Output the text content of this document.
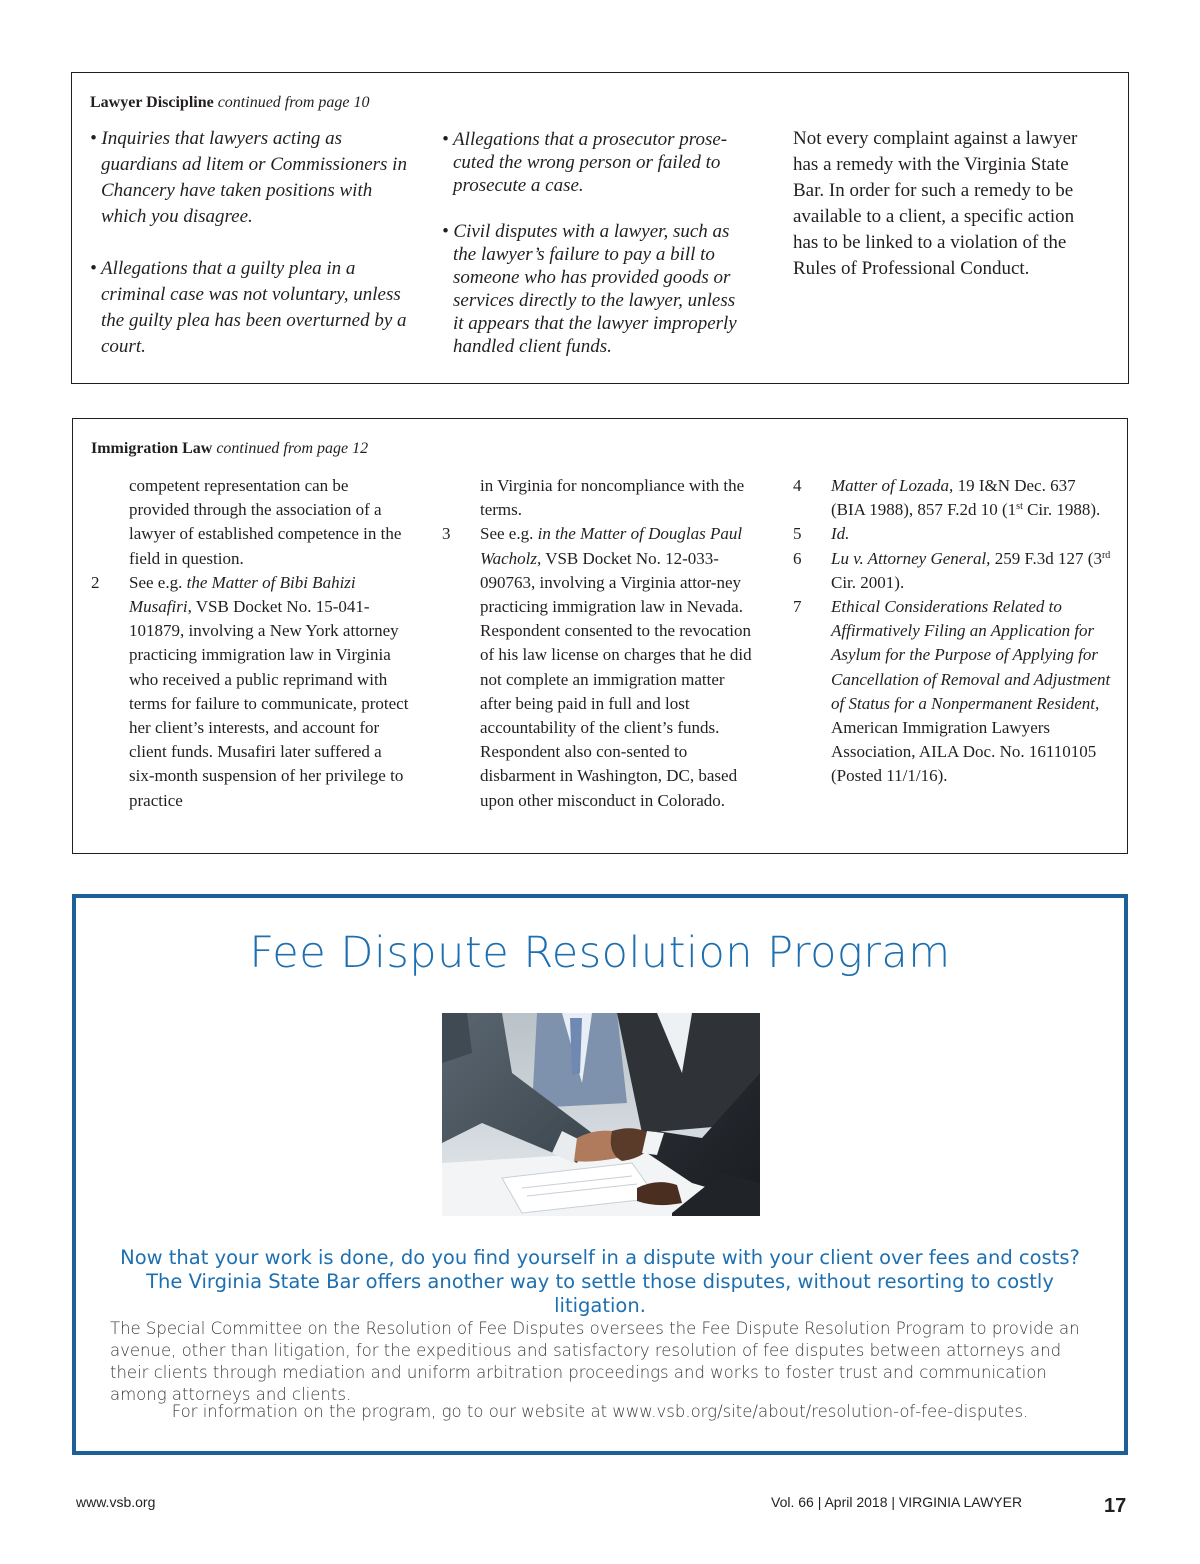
Lawyer Discipline continued from page 10
• Inquiries that lawyers acting as guardians ad litem or Commissioners in Chancery have taken positions with which you disagree.
• Allegations that a guilty plea in a criminal case was not voluntary, unless the guilty plea has been overturned by a court.
• Allegations that a prosecutor prose-cuted the wrong person or failed to prosecute a case.
• Civil disputes with a lawyer, such as the lawyer’s failure to pay a bill to someone who has provided goods or services directly to the lawyer, unless it appears that the lawyer improperly handled client funds.
Not every complaint against a lawyer has a remedy with the Virginia State Bar. In order for such a remedy to be available to a client, a specific action has to be linked to a violation of the Rules of Professional Conduct.
Immigration Law continued from page 12
competent representation can be provided through the association of a lawyer of established competence in the field in question.
2 See e.g. the Matter of Bibi Bahizi Musafiri, VSB Docket No. 15-041-101879, involving a New York attorney practicing immigration law in Virginia who received a public reprimand with terms for failure to communicate, protect her client’s interests, and account for client funds. Musafiri later suffered a six-month suspension of her privilege to practice
in Virginia for noncompliance with the terms.
3 See e.g. in the Matter of Douglas Paul Wacholz, VSB Docket No. 12-033-090763, involving a Virginia attor-ney practicing immigration law in Nevada. Respondent consented to the revocation of his law license on charges that he did not complete an immigration matter after being paid in full and lost accountability of the client’s funds. Respondent also con-sented to disbarment in Washington, DC, based upon other misconduct in Colorado.
4 Matter of Lozada, 19 I&N Dec. 637 (BIA 1988), 857 F.2d 10 (1st Cir. 1988).
5 Id.
6 Lu v. Attorney General, 259 F.3d 127 (3rd Cir. 2001).
7 Ethical Considerations Related to Affirmatively Filing an Application for Asylum for the Purpose of Applying for Cancellation of Removal and Adjustment of Status for a Nonpermanent Resident, American Immigration Lawyers Association, AILA Doc. No. 16110105 (Posted 11/1/16).
Fee Dispute Resolution Program
Now that your work is done, do you find yourself in a dispute with your client over fees and costs? The Virginia State Bar offers another way to settle those disputes, without resorting to costly litigation.
The Special Committee on the Resolution of Fee Disputes oversees the Fee Dispute Resolution Program to provide an avenue, other than litigation, for the expeditious and satisfactory resolution of fee disputes between attorneys and their clients through mediation and uniform arbitration proceedings and works to foster trust and communication among attorneys and clients.
For information on the program, go to our website at www.vsb.org/site/about/resolution-of-fee-disputes.
www.vsb.org	Vol. 66 | April 2018 | VIRGINIA LAWYER	17
